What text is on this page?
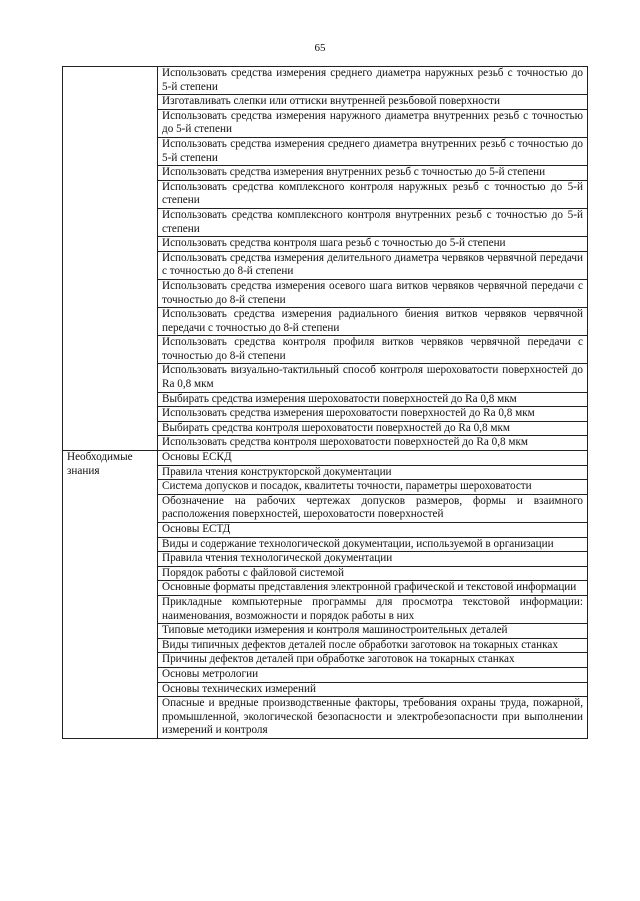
65
	Использовать средства измерения среднего диаметра наружных резьб с точностью до 5-й степени
	Изготавливать слепки или оттиски внутренней резьбовой поверхности
	Использовать средства измерения наружного диаметра внутренних резьб с точностью до 5-й степени
	Использовать средства измерения среднего диаметра внутренних резьб с точностью до 5-й степени
	Использовать средства измерения внутренних резьб с точностью до 5-й степени
	Использовать средства комплексного контроля наружных резьб с точностью до 5-й степени
	Использовать средства комплексного контроля внутренних резьб с точностью до 5-й степени
	Использовать средства контроля шага резьб с точностью до 5-й степени
	Использовать средства измерения делительного диаметра червяков червячной передачи с точностью до 8-й степени
	Использовать средства измерения осевого шага витков червяков червячной передачи с точностью до 8-й степени
	Использовать средства измерения радиального биения витков червяков червячной передачи с точностью до 8-й степени
	Использовать средства контроля профиля витков червяков червячной передачи с точностью до 8-й степени
	Использовать визуально-тактильный способ контроля шероховатости поверхностей до Ra 0,8 мкм
	Выбирать средства измерения шероховатости поверхностей до Ra 0,8 мкм
	Использовать средства измерения шероховатости поверхностей до Ra 0,8 мкм
	Выбирать средства контроля шероховатости поверхностей до Ra 0,8 мкм
	Использовать средства контроля шероховатости поверхностей до Ra 0,8 мкм
Необходимые знания	Основы ЕСКД
	Правила чтения конструкторской документации
	Система допусков и посадок, квалитеты точности, параметры шероховатости
	Обозначение на рабочих чертежах допусков размеров, формы и взаимного расположения поверхностей, шероховатости поверхностей
	Основы ЕСТД
	Виды и содержание технологической документации, используемой в организации
	Правила чтения технологической документации
	Порядок работы с файловой системой
	Основные форматы представления электронной графической и текстовой информации
	Прикладные компьютерные программы для просмотра текстовой информации: наименования, возможности и порядок работы в них
	Типовые методики измерения и контроля машиностроительных деталей
	Виды типичных дефектов деталей после обработки заготовок на токарных станках
	Причины дефектов деталей при обработке заготовок на токарных станках
	Основы метрологии
	Основы технических измерений
	Опасные и вредные производственные факторы, требования охраны труда, пожарной, промышленной, экологической безопасности и электробезопасности при выполнении измерений и контроля
